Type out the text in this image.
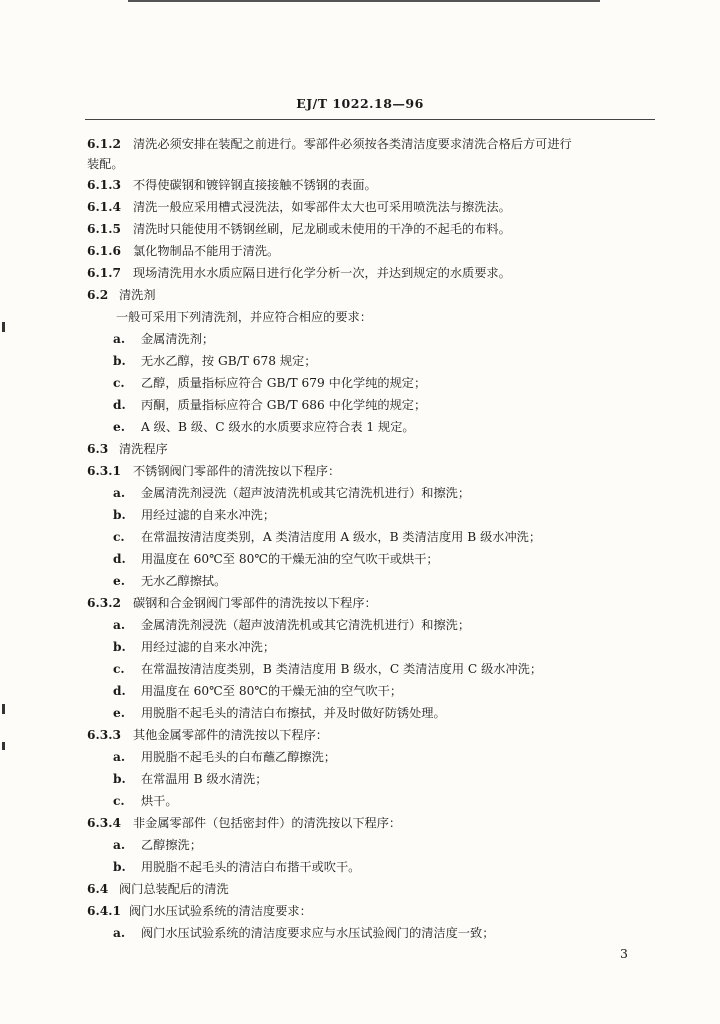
EJ/T 1022.18—96
6.1.2 清洗必须安排在装配之前进行。零部件必须按各类清洁度要求清洗合格后方可进行
装配。
6.1.3 不得使碳钢和镀锌钢直接接触不锈钢的表面。
6.1.4 清洗一般应采用槽式浸洗法，如零部件太大也可采用喷洗法与擦洗法。
6.1.5 清洗时只能使用不锈钢丝刷，尼龙刷或未使用的干净的不起毛的布料。
6.1.6 氯化物制品不能用于清洗。
6.1.7 现场清洗用水水质应隔日进行化学分析一次，并达到规定的水质要求。
6.2 清洗剂
一般可采用下列清洗剂，并应符合相应的要求：
a. 金属清洗剂；
b. 无水乙醇，按 GB/T 678 规定；
c. 乙醇，质量指标应符合 GB/T 679 中化学纯的规定；
d. 丙酮，质量指标应符合 GB/T 686 中化学纯的规定；
e. A 级、B 级、C 级水的水质要求应符合表 1 规定。
6.3 清洗程序
6.3.1 不锈钢阀门零部件的清洗按以下程序：
a. 金属清洗剂浸洗（超声波清洗机或其它清洗机进行）和擦洗；
b. 用经过滤的自来水冲洗；
c. 在常温按清洁度类别，A 类清洁度用 A 级水，B 类清洁度用 B 级水冲洗；
d. 用温度在 60℃至 80℃的干燥无油的空气吹干或烘干；
e. 无水乙醇擦拭。
6.3.2 碳钢和合金钢阀门零部件的清洗按以下程序：
a. 金属清洗剂浸洗（超声波清洗机或其它清洗机进行）和擦洗；
b. 用经过滤的自来水冲洗；
c. 在常温按清洁度类别，B 类清洁度用 B 级水，C 类清洁度用 C 级水冲洗；
d. 用温度在 60℃至 80℃的干燥无油的空气吹干；
e. 用脱脂不起毛头的清洁白布擦拭，并及时做好防锈处理。
6.3.3 其他金属零部件的清洗按以下程序：
a. 用脱脂不起毛头的白布蘸乙醇擦洗；
b. 在常温用 B 级水清洗；
c. 烘干。
6.3.4 非金属零部件（包括密封件）的清洗按以下程序：
a. 乙醇擦洗；
b. 用脱脂不起毛头的清洁白布揩干或吹干。
6.4 阀门总装配后的清洗
6.4.1 阀门水压试验系统的清洁度要求：
a. 阀门水压试验系统的清洁度要求应与水压试验阀门的清洁度一致；
3
